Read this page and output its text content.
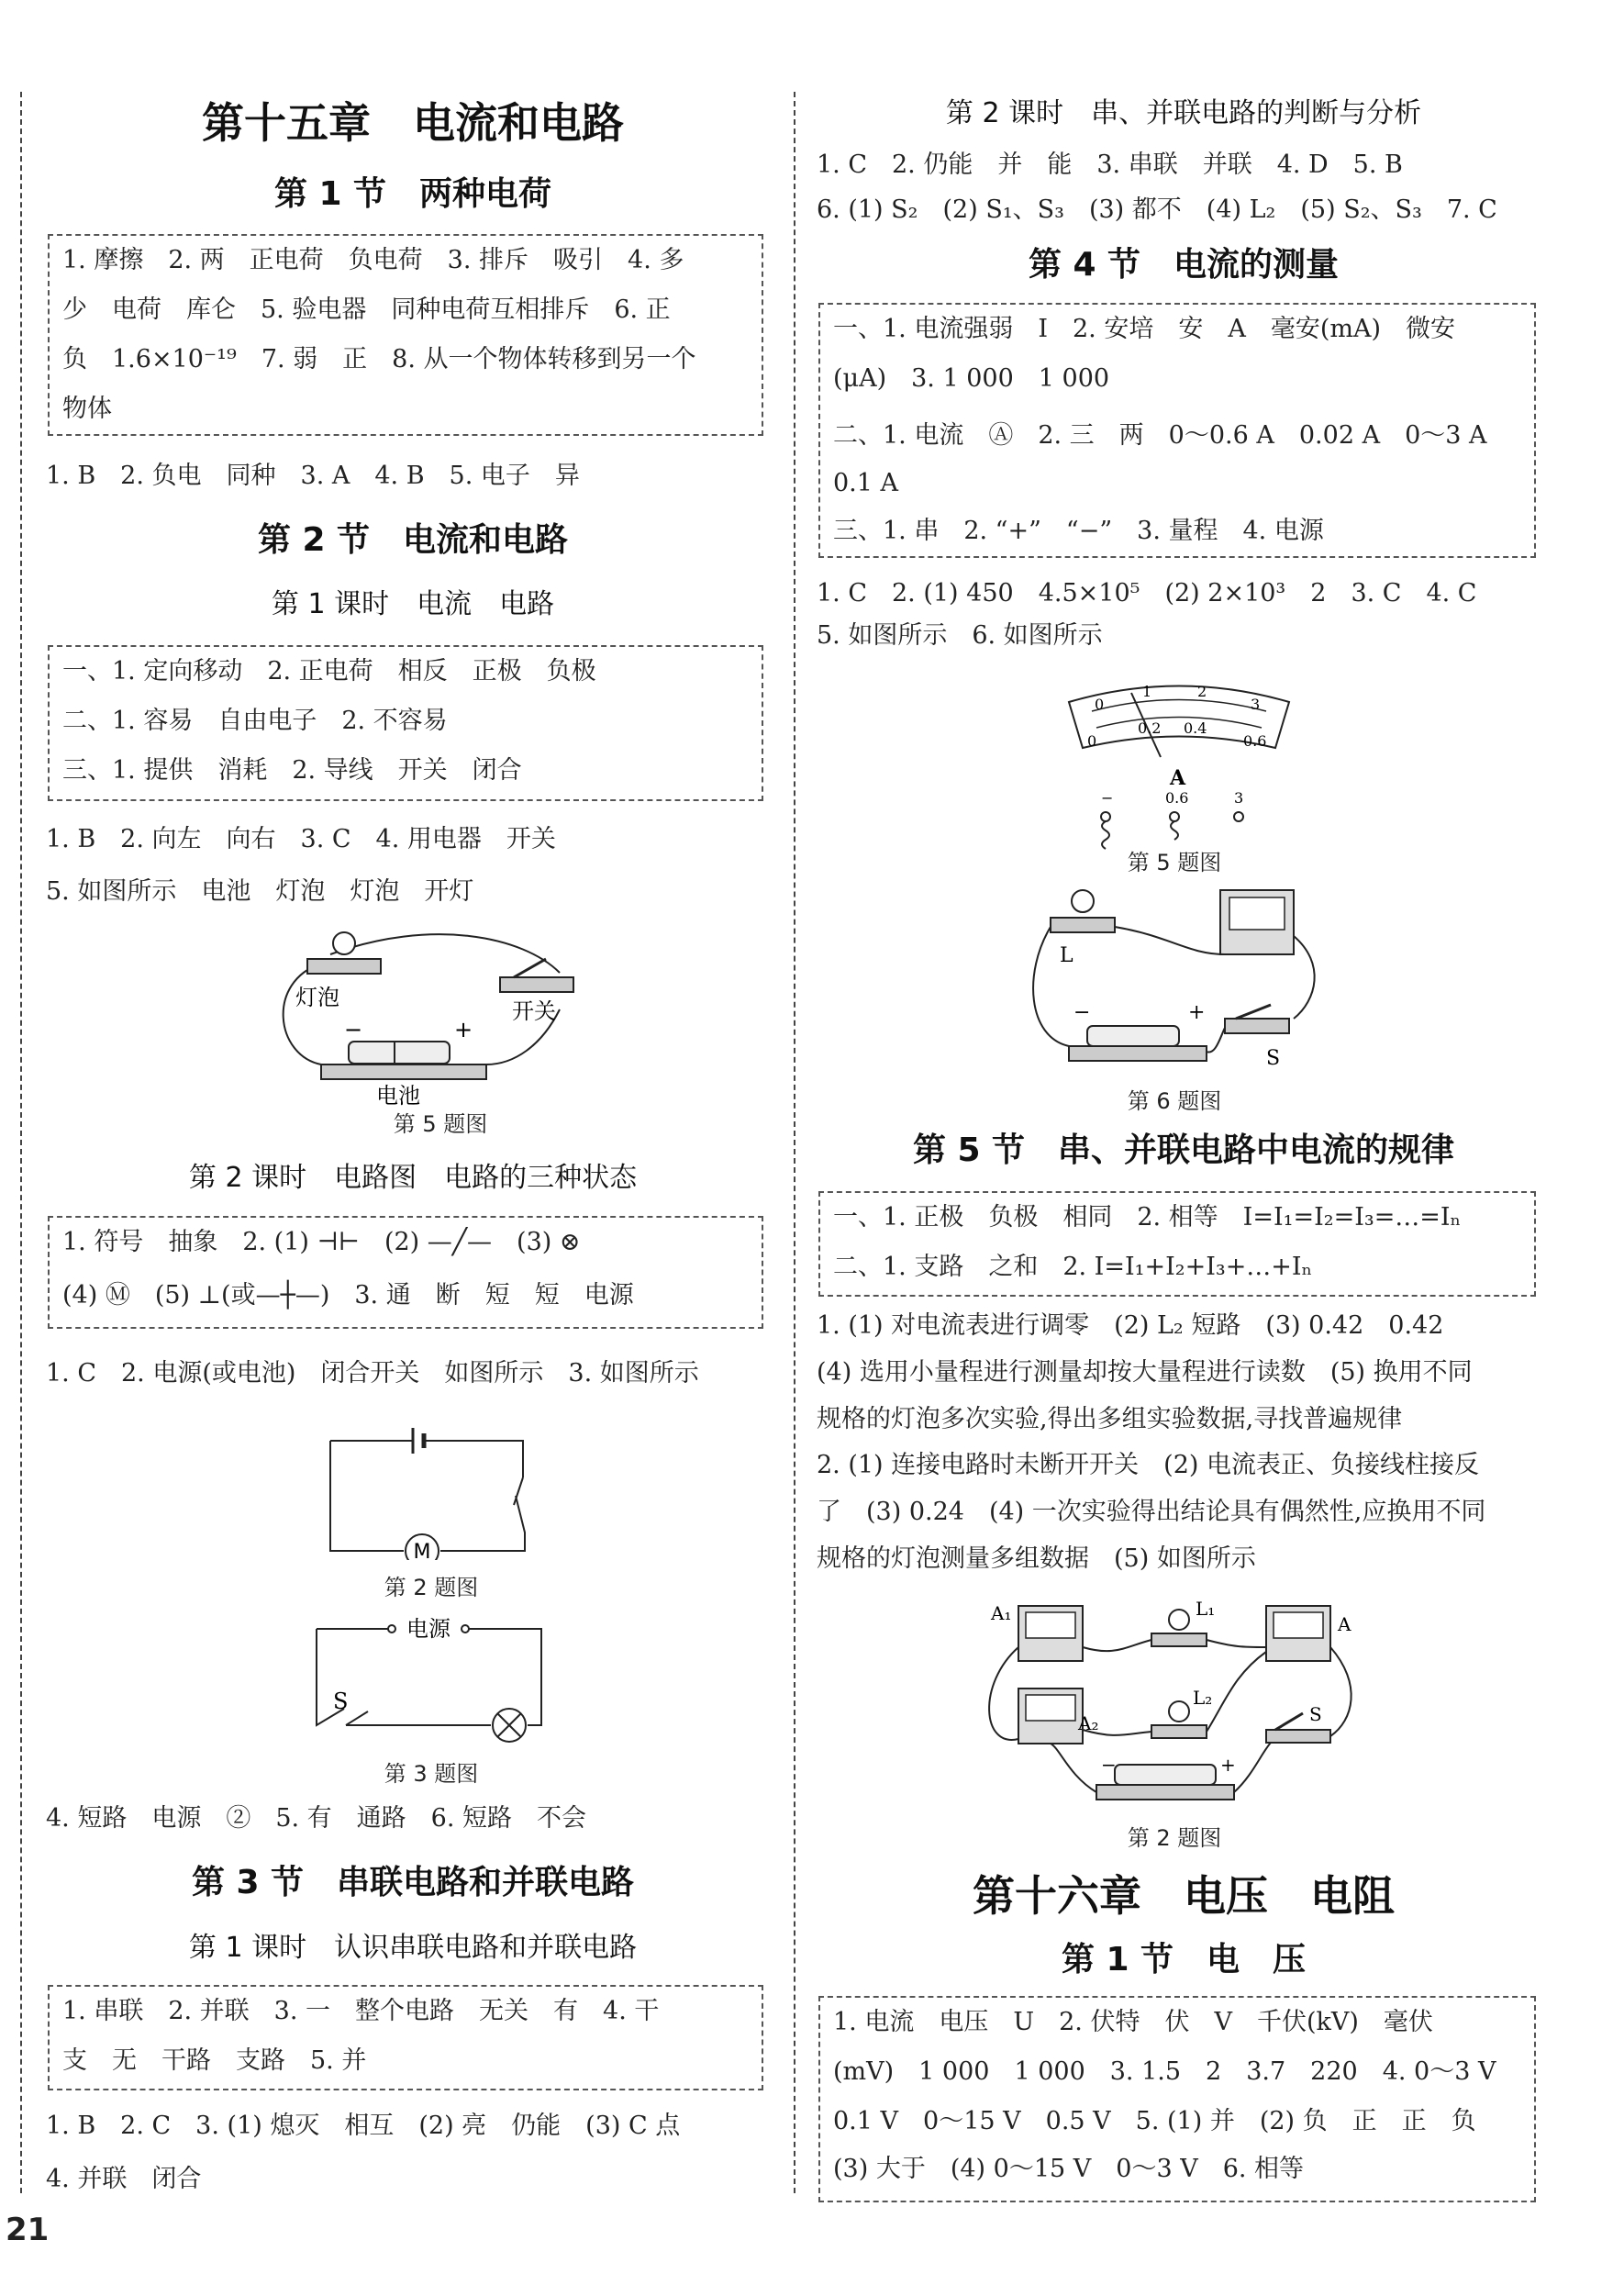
第十五章　电流和电路
第 1 节　两种电荷
1. 摩擦　2. 两　正电荷　负电荷　3. 排斥　吸引　4. 多
少　电荷　库仑　5. 验电器　同种电荷互相排斥　6. 正
负　1.6×10⁻¹⁹　7. 弱　正　8. 从一个物体转移到另一个
物体
1. B　2. 负电　同种　3. A　4. B　5. 电子　异
第 2 节　电流和电路
第 1 课时　电流　电路
一、1. 定向移动　2. 正电荷　相反　正极　负极
二、1. 容易　自由电子　2. 不容易
三、1. 提供　消耗　2. 导线　开关　闭合
1. B　2. 向左　向右　3. C　4. 用电器　开关
5. 如图所示　电池　灯泡　灯泡　开灯
灯泡
开关
−	+
电池
第 5 题图
第 2 课时　电路图　电路的三种状态
1. 符号　抽象　2. (1) ⊣⊢　(2) —╱—　(3) ⊗
(4) Ⓜ　(5) ⊥(或—┼—)　3. 通　断　短　短　电源
1. C　2. 电源(或电池)　闭合开关　如图所示　3. 如图所示
M
第 2 题图
电源
S
第 3 题图
4. 短路　电源　②　5. 有　通路　6. 短路　不会
第 3 节　串联电路和并联电路
第 1 课时　认识串联电路和并联电路
1. 串联　2. 并联　3. 一　整个电路　无关　有　4. 干
支　无　干路　支路　5. 并
1. B　2. C　3. (1) 熄灭　相互　(2) 亮　仍能　(3) C 点
4. 并联　闭合
第 2 课时　串、并联电路的判断与分析
1. C　2. 仍能　并　能　3. 串联　并联　4. D　5. B
6. (1) S₂　(2) S₁、S₃　(3) 都不　(4) L₂　(5) S₂、S₃　7. C
第 4 节　电流的测量
一、1. 电流强弱　I　2. 安培　安　A　毫安(mA)　微安
(μA)　3. 1 000　1 000
二、1. 电流　Ⓐ　2. 三　两　0～0.6 A　0.02 A　0～3 A
0.1 A
三、1. 串　2. “+”　“−”　3. 量程　4. 电源
1. C　2. (1) 450　4.5×10⁵　(2) 2×10³　2　3. C　4. C
5. 如图所示　6. 如图所示
0
1	2
3
0
0.2 0.4
0.6
A
−	0.6	3
第 5 题图
L
S
−	+
第 6 题图
第 5 节　串、并联电路中电流的规律
一、1. 正极　负极　相同　2. 相等　I=I₁=I₂=I₃=…=Iₙ
二、1. 支路　之和　2. I=I₁+I₂+I₃+…+Iₙ
1. (1) 对电流表进行调零　(2) L₂ 短路　(3) 0.42　0.42
(4) 选用小量程进行测量却按大量程进行读数　(5) 换用不同
规格的灯泡多次实验,得出多组实验数据,寻找普遍规律
2. (1) 连接电路时未断开开关　(2) 电流表正、负接线柱接反
了　(3) 0.24　(4) 一次实验得出结论具有偶然性,应换用不同
规格的灯泡测量多组数据　(5) 如图所示
A₁
A₂
A
L₁
L₂
S
−	+
第 2 题图
第十六章　电压　电阻
第 1 节　电　压
1. 电流　电压　U　2. 伏特　伏　V　千伏(kV)　毫伏
(mV)　1 000　1 000　3. 1.5　2　3.7　220　4. 0～3 V
0.1 V　0～15 V　0.5 V　5. (1) 并　(2) 负　正　正　负
(3) 大于　(4) 0～15 V　0～3 V　6. 相等
21
